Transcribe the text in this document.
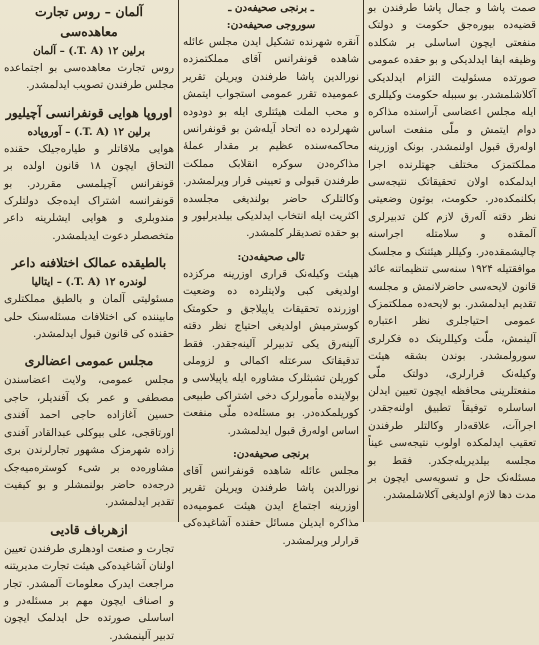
آلمان – روس تجارت معاهده‌سی
برلین ۱۲ (T. A.) – آلمان
روس تجارت معاهده‌سی بو اجتماعده مجلس طرفندن تصویب ایدلمشدر.
اوروپا هوایی قونفرانسی آچیلیور
برلین ۱۲ (T. A.) – آوروپاده
هوایی ملاقاتلر و طیاره‌جیلک حقنده التحاق ایچون ۱۸ قانون اولده بر قونفرانس آچیلمسی مقرردر. بو قونفرانسه اشتراک ایده‌جک دولتلرک مندوبلری و هوایی ایشلرینه داعر متخصصلر دعوت ایدیلمشدر.
بالطیقده عمالک اختلافنه داعر
لوندره ۱۲ (T. A.) – ایتالیا
مسئولیتی آلمان و بالطیق مملکتلری مابیننده کی اختلافات مسئله‌سنک حلی حقنده کی قانون قبول ایدلمشدر.
مجلس عمومی اعضالری
مجلس عمومی، ولایت اعضاسندن مصطفی و عمر بک آفندیلر، حاجی حسین آغازاده حاجی احمد آفندی اورتاقجی، علی بیوکلی عبدالقادر آفندی زاده شهرمزک مشهور تجارلرندن بری مشاوره‌ده بر شیء کوستره‌میه‌جک درجه‌ده حاضر بولنمشلر و بو کیفیت تقدیر ایدلمشدر.
ازهرباف قادیی
تجارت و صنعت اودهلری طرفندن تعیین اولنان آشاغیده‌کی هیئت تجارت مدیریتنه مراجعت ایدرک معلومات آلمشدر. تجار و اصناف ایچون مهم بر مسئله‌در و اساسلی صورتده حل ایدلمک ایچون تدبیر آلینمشدر.
ـ برنجی صحیفه‌دن ـ
سوروجی صحیفه‌دن:
آنقره شهرنده تشکیل ایدن مجلس عائله شاهده قونفرانس آقای مملکتمزده نورالدین پاشا طرفندن ویریلن تقریر عمومیده تقرر عمومی استجواب ایتمش و محب الملت هیئتلری ایله بو دودوده شهرلرده ده اتحاد آیله‌شن بو قونفرانس محاکمه‌سنده عظیم بر مقدار عملهٔ مذاکره‌دن سوکره انقلابک مملکت طرفندن قبولی و تعیینی قرار ویرلمشدر. وکالتلرک حاضر بولندیغی مجلسده اکثریت ایله انتخاب ایدلدیکی بیلدیرلیور و بو حقده تصدیقلر کلمشدر.
تالی صحیفه‌دن:
هیئت وکیله‌نک قراری اوزرینه مرکزده اولدیغی کبی ولایتلرده ده وضعیت اوزرنده تحقیقات یاپیلاجق و حکومتک کوسترمیش اولدیغی احتیاج نظر دقته آلینه‌رق یکی تدبیرلر آلینه‌جقدر. فقط تدقیقاتک سرعتله اکمالی و لزوملی کوریلن تشبثلرک مشاوره ایله یاپیلاسی و بولاینده مأمورلرک دخی اشتراکی طبیعی کوریلمکده‌در. بو مسئله‌ده ملّی منفعت اساس اوله‌رق قبول ایدلمشدر.
برنجی صحیفه‌دن:
مجلس عائله شاهده قونفرانس آقای نورالدین پاشا طرفندن ویریلن تقریر اوزرینه اجتماع ایدن هیئت عمومیه‌ده مذاکره ایدیلن مسائل حقنده آشاغیده‌کی قرارلر ویرلمشدر.
صمت پاشا و جمال پاشا طرفندن بو قضیه‌ده بیوره‌جق حکومت و دولتک منفعتی ایچون اساسلی بر شکلده وظیفه ایفا ایدلدیکی و بو حقده عمومی صورتده مسئولیت التزام ایدلدیکی آکلاشلمشدر. بو سببله حکومت وکیللری ایله مجلس اعضاسی آراسنده مذاکره دوام ایتمش و ملّی منفعت اساس اوله‌رق قبول اولنمشدر. بونک اوزرینه مملکتمزک مختلف جهتلرنده اجرا ایدلمکده اولان تحقیقاتک نتیجه‌سی بکلنمکده‌در. حکومت، بوتون وضعیتی نظر دقته آله‌رق لازم کلن تدبیرلری آلمقده و سلامتله اجراسنه چالیشمقده‌در. وکیللر هیئتنک و مجلسک موافقتیله ۱۹۲۴ سنه‌سی تنظیماتنه عائد قانون لایحه‌سی حاضرلانمش و مجلسه تقدیم ایدلمشدر. بو لایحه‌ده مملکتمزک عمومی احتیاجلری نظر اعتباره آلینمش، ملّت وکیللرینک ده فکرلری سورولمشدر. بوندن بشقه هیئت وکیله‌نک قرارلری، دولتک ملّی منفعتلرینی محافظه ایچون تعیین ایدلن اساسلره توفیقاً تطبیق اولنه‌جقدر. اجراآت، علاقه‌دار وکالتلر طرفندن تعقیب ایدلمکده اولوب نتیجه‌سی عیناً مجلسه بیلدیریله‌جکدر. فقط بو مسئله‌نک حل و تسویه‌سی ایچون بر مدت دها لازم اولدیغی آکلاشلمشدر.
